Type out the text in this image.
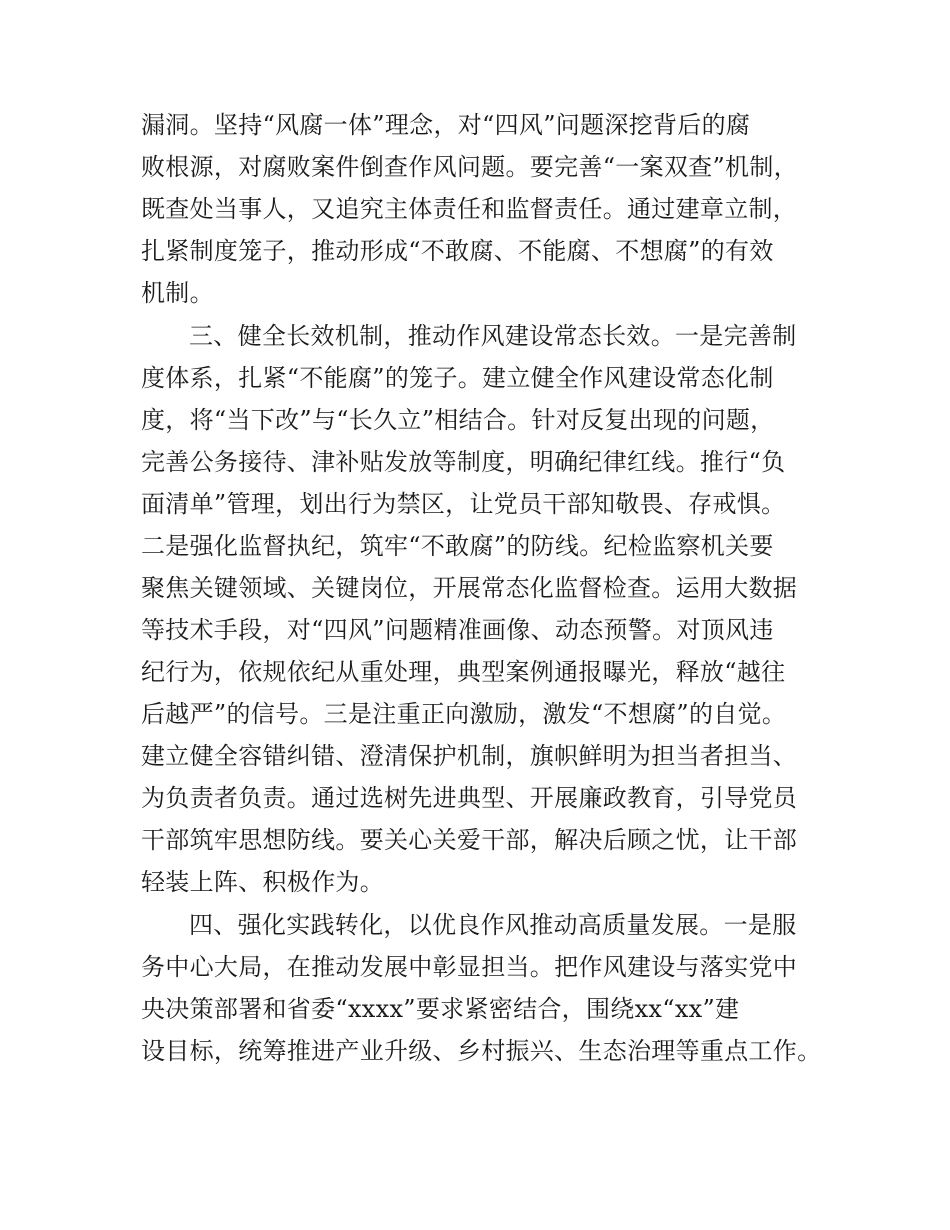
漏洞。坚持“风腐一体”理念，对“四风”问题深挖背后的腐
败根源，对腐败案件倒查作风问题。要完善“一案双查”机制，
既查处当事人，又追究主体责任和监督责任。通过建章立制，
扎紧制度笼子，推动形成“不敢腐、不能腐、不想腐”的有效
机制。
三、健全长效机制，推动作风建设常态长效。一是完善制
度体系，扎紧“不能腐”的笼子。建立健全作风建设常态化制
度，将“当下改”与“长久立”相结合。针对反复出现的问题，
完善公务接待、津补贴发放等制度，明确纪律红线。推行“负
面清单”管理，划出行为禁区，让党员干部知敬畏、存戒惧。
二是强化监督执纪，筑牢“不敢腐”的防线。纪检监察机关要
聚焦关键领域、关键岗位，开展常态化监督检查。运用大数据
等技术手段，对“四风”问题精准画像、动态预警。对顶风违
纪行为，依规依纪从重处理，典型案例通报曝光，释放“越往
后越严”的信号。三是注重正向激励，激发“不想腐”的自觉。
建立健全容错纠错、澄清保护机制，旗帜鲜明为担当者担当、
为负责者负责。通过选树先进典型、开展廉政教育，引导党员
干部筑牢思想防线。要关心关爱干部，解决后顾之忧，让干部
轻装上阵、积极作为。
四、强化实践转化，以优良作风推动高质量发展。一是服
务中心大局，在推动发展中彰显担当。把作风建设与落实党中
央决策部署和省委“xxxx”要求紧密结合，围绕xx“xx”建
设目标，统筹推进产业升级、乡村振兴、生态治理等重点工作。
